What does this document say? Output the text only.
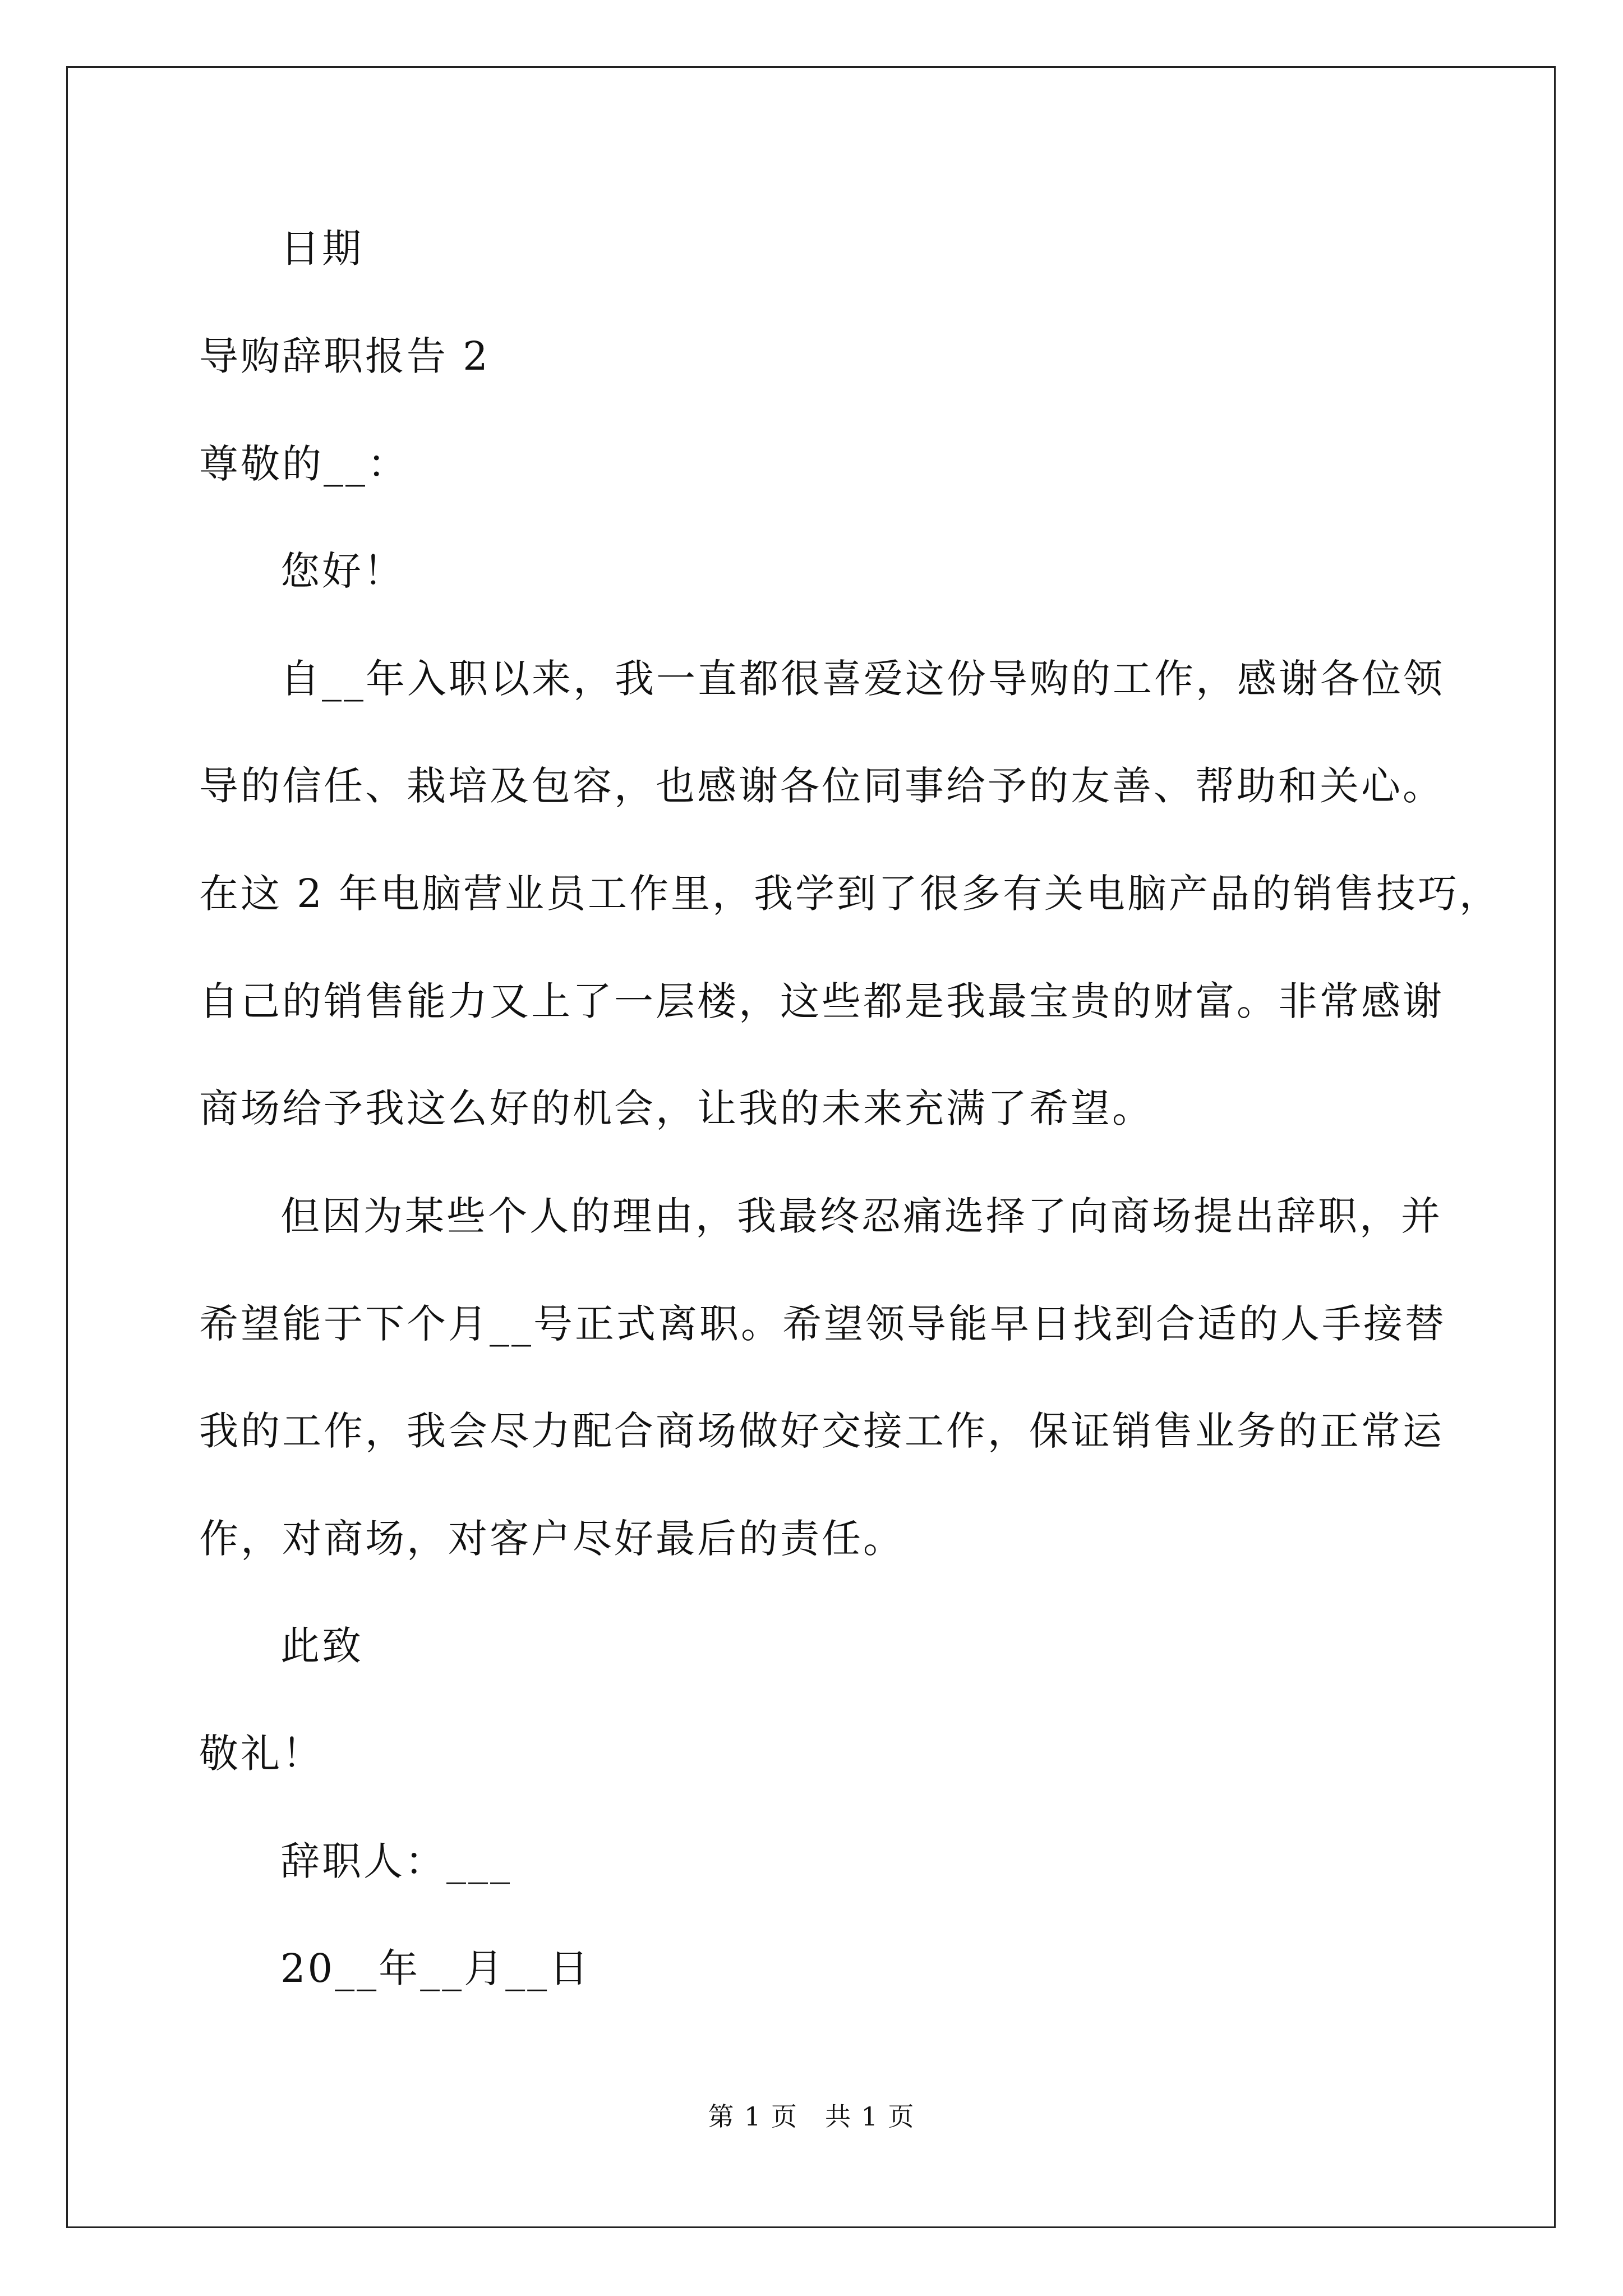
日期
导购辞职报告 2
尊敬的__：
您好！
自__年入职以来，我一直都很喜爱这份导购的工作，感谢各位领
导的信任、栽培及包容，也感谢各位同事给予的友善、帮助和关心。
在这 2 年电脑营业员工作里，我学到了很多有关电脑产品的销售技巧，
自己的销售能力又上了一层楼，这些都是我最宝贵的财富。非常感谢
商场给予我这么好的机会，让我的未来充满了希望。
但因为某些个人的理由，我最终忍痛选择了向商场提出辞职，并
希望能于下个月__号正式离职。希望领导能早日找到合适的人手接替
我的工作，我会尽力配合商场做好交接工作，保证销售业务的正常运
作，对商场，对客户尽好最后的责任。
此致
敬礼！
辞职人：___
20__年__月__日
第 1 页　共 1 页
